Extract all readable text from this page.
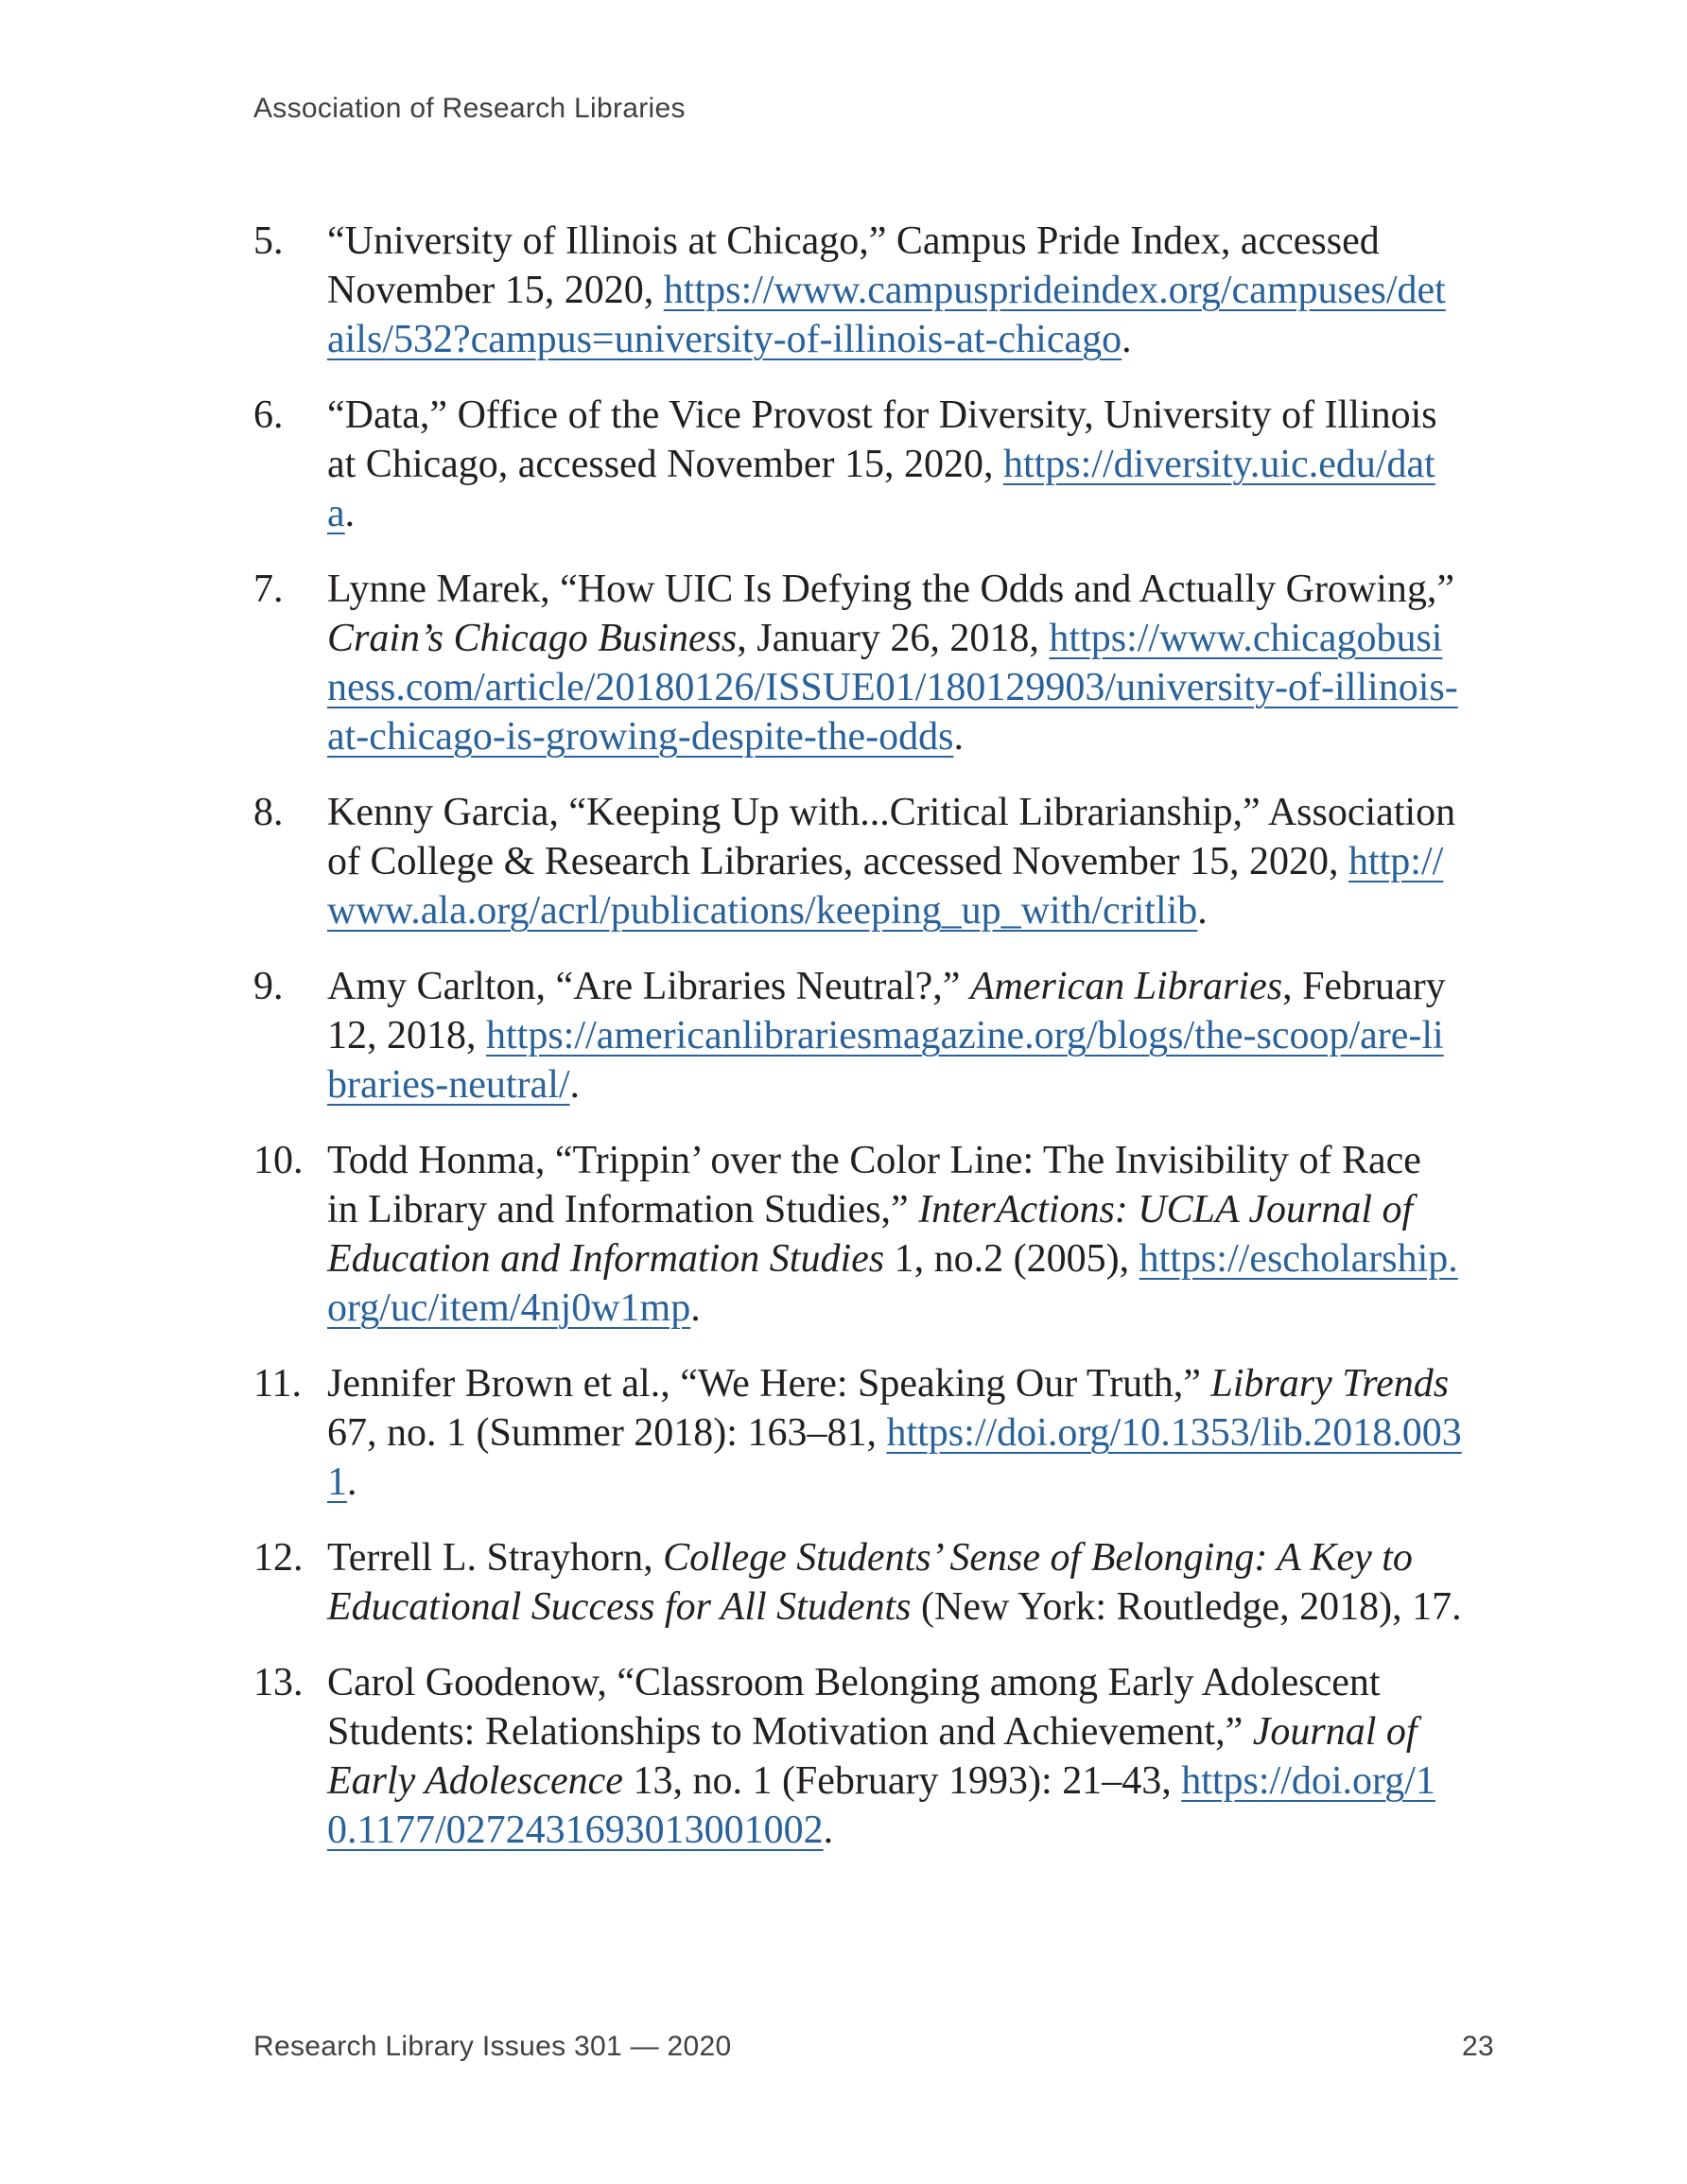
Association of Research Libraries
5.	“University of Illinois at Chicago,” Campus Pride Index, accessed November 15, 2020, https://www.campusprideindex.org/campuses/details/532?campus=university-of-illinois-at-chicago.
6.	“Data,” Office of the Vice Provost for Diversity, University of Illinois at Chicago, accessed November 15, 2020, https://diversity.uic.edu/data.
7.	Lynne Marek, “How UIC Is Defying the Odds and Actually Growing,” Crain’s Chicago Business, January 26, 2018, https://www.chicagobusiness.com/article/20180126/ISSUE01/180129903/university-of-illinois-at-chicago-is-growing-despite-the-odds.
8.	Kenny Garcia, “Keeping Up with...Critical Librarianship,” Association of College & Research Libraries, accessed November 15, 2020, http://www.ala.org/acrl/publications/keeping_up_with/critlib.
9.	Amy Carlton, “Are Libraries Neutral?,” American Libraries, February 12, 2018, https://americanlibrariesmagazine.org/blogs/the-scoop/are-libraries-neutral/.
10. Todd Honma, “Trippin’ over the Color Line: The Invisibility of Race in Library and Information Studies,” InterActions: UCLA Journal of Education and Information Studies 1, no.2 (2005), https://escholarship.org/uc/item/4nj0w1mp.
11. Jennifer Brown et al., “We Here: Speaking Our Truth,” Library Trends 67, no. 1 (Summer 2018): 163–81, https://doi.org/10.1353/lib.2018.0031.
12. Terrell L. Strayhorn, College Students’ Sense of Belonging: A Key to Educational Success for All Students (New York: Routledge, 2018), 17.
13. Carol Goodenow, “Classroom Belonging among Early Adolescent Students: Relationships to Motivation and Achievement,” Journal of Early Adolescence 13, no. 1 (February 1993): 21–43, https://doi.org/10.1177/0272431693013001002.
Research Library Issues 301 — 2020	23
